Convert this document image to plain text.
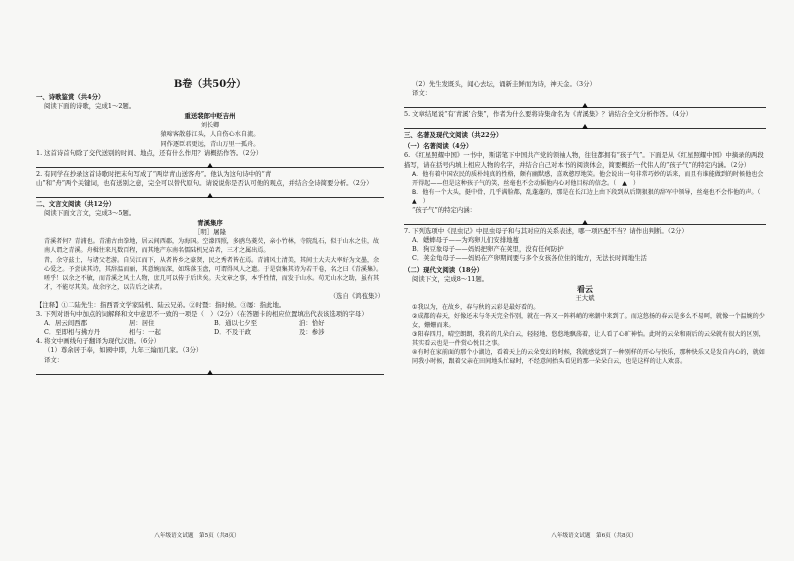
B卷（共50分）
一、诗歌鉴赏（共4分）
阅读下面的诗歌，完成1～2题。
重送裴郎中贬吉州
刘长卿
猿啼客散暮江头，人自伤心水自流。
同作逐臣君更远，青山万里一孤舟。
1. 这首诗首句除了交代送别的时间、地点，还有什么作用？请概括作答。（2分）
2. 有同学在抄录这首诗歌时把末句写成了“两岸青山送客舟”。他认为这句诗中的“青
山”和“舟”两个关键词，也有送别之意，完全可以替代原句。请说说你是否认可他的观点，并结合全诗简要分析。（2分）
二、文言文阅读（共12分）
阅读下面文言文，完成3～5题。
青溪集序
［明］屠隆
青溪者何？青浦也。青浦古由拳地，居云间西郡，为海国。空濛四照，多鸥鸟菱芡，亲小竹林，寺院乱石，似于山水之佳，故南人谓之青溪。舟楫往来凡数百程，而其地产东南名儒陆机兄弟者，三才之属出焉。
昔，余守兹土，与诸父老游。自吴江而下，从者皆乡之豪贤，民之秀者皆在焉。青浦风土清美，其间士大夫大率好为文墨，余心爱之。予尝读其诗，其辞温而丽，其意婉而深，如珠落玉盘，可谓得风人之遗。于是裒集其诗为若干卷，名之曰《青溪集》。
嗟乎！以余之不敏，而青溪之风土人物，庶几可以传于后世矣。夫文章之事，本乎性情，而发于山水。苟无山水之助，虽有其才，不能尽其美。故余序之，以告后之读者。
（选自《鸿苞集》）
【注释】①二陆先生：指西晋文学家陆机、陆云兄弟。②时暨：指时候。③屡：指此地。
3. 下列对语句中加点的词解释和文中意思不一致的一项是（　）（2分）（在答题卡的相应位置填出代表该选项的字母）
A．居云间西郡	居：居住	B．通以七夕至	洎：恰好
C．至即相与拂方丹	相与：一起	D．不及干政	及：参涉
4. 将文中画线句子翻译为现代汉语。（6分）
（1）尊余居于奉，如國中即，九年三綸而几家。（3分）
译文：
八年级语文试题　第5页（共8页）
（2）先生发既头，闻心去坛，诵新圭鲜而为诗，神天金。（3分）
译文：
5. 文章结尾说“有‘青溪’合集”，作者为什么要将诗集命名为《青溪集》？请结合全文分析作答。（4分）
三、名著及现代文阅读（共22分）
（一）名著阅读（4分）
6. 《红星照耀中国》一书中，斯诺笔下中国共产党的领袖人物，往往都拥有“孩子气”。下面是从《红星照耀中国》中摘录的两段描写，请在括号内填上相应人物的名字，并结合自己对本书的阅读体会，简要概括一代伟人的“孩子气”的特定内涵。（2分）
A．他有着中国农民的质朴纯真的性格，颇有幽默感，喜欢憨厚地笑。他会说出一句非常巧妙的话来，而且有谁能做到的时候他也会开得起——但是这种孩子气的笑，丝毫也不会动摇他内心对他目标的信念。（　▲　）
B．他有一个大头，挺中骨，几乎满脸都，乱蓬蓬的，那是在长江边上由下段到从后期狠狠的辞军中领导，丝毫也不会作他的声。（　▲　）
“孩子气”的特定内涵：
7. 下列选项中《昆虫记》中昆虫母子和与其对应的关系表述，哪一项匹配不当？请作出判断。（2分）
A．蟋蟀母子——为鸡卵儿们安排地蔓
B．狗豆象母子——妈妈把卵产在荚里，没有任何防护
C．荚金龟母子——妈妈在产卵期间要与多个女孩各位住的地方，无法长时间地生活
（二）现代文阅读（18分）
阅读下文，完成8～11题。
看云
王大斌
①我以为，在故乡，春与秋的云彩是最好看的。
②成都的春天，好像还未与冬天完全作别，就在一阵又一阵料峭的寒潮中来到了。而这悠扬的春云是多么不易呵，就像一个温婉的少女，姗姗而来。
③阳春四月，晴空朗朗，我若的几朵白云，轻轻地、悠悠地飘荡着，让人看了心旷神怡。此时的云朵和雨后的云朵就有很大的区别，其实看云也是一件赏心悦目之事。
④有时在家前面的那个小湖边，看着天上的云朵变幻的时候，我就感觉到了一种别样的开心与快乐，那种快乐又是发自内心的，就如同我小时候，跟着父亲在田间地头忙碌时，不经意间抬头看见的那一朵朵白云，也是这样的让人欢喜。
八年级语文试题　第6页（共8页）
